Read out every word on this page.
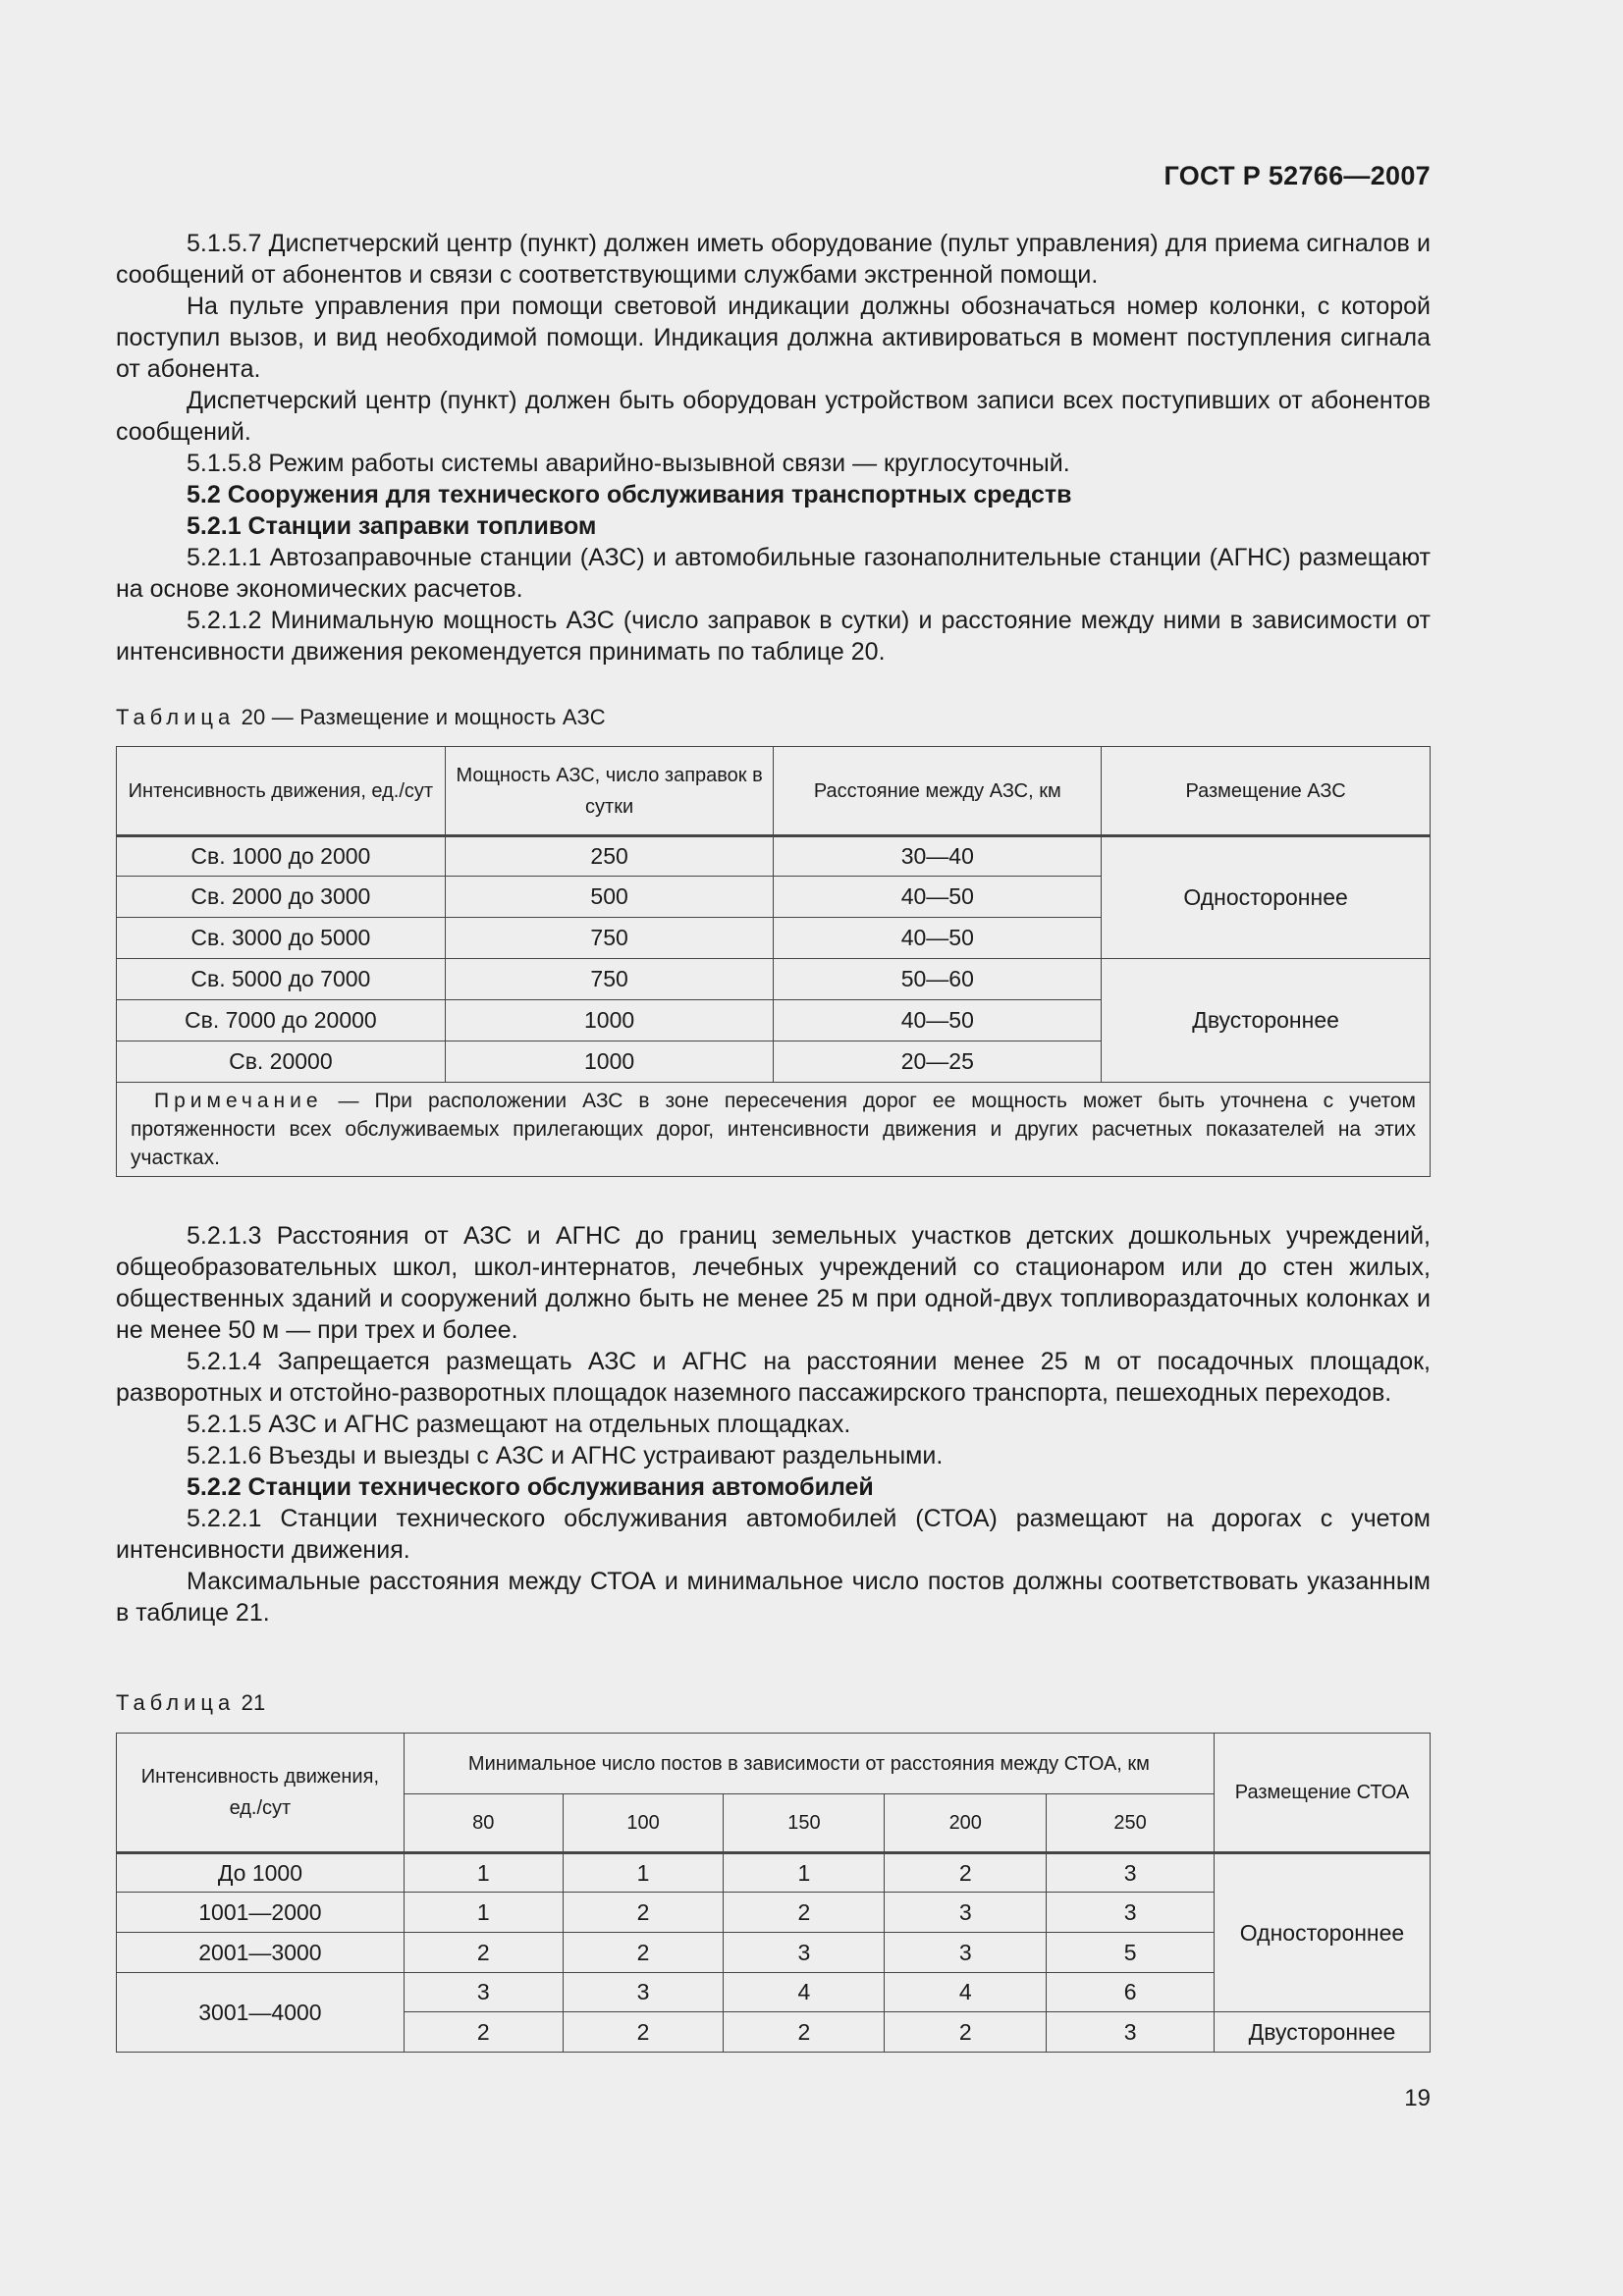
ГОСТ Р 52766—2007

5.1.5.7 Диспетчерский центр (пункт) должен иметь оборудование (пульт управления) для приема сигналов и сообщений от абонентов и связи с соответствующими службами экстренной помощи.

На пульте управления при помощи световой индикации должны обозначаться номер колонки, с которой поступил вызов, и вид необходимой помощи. Индикация должна активироваться в момент поступления сигнала от абонента.

Диспетчерский центр (пункт) должен быть оборудован устройством записи всех поступивших от абонентов сообщений.

5.1.5.8 Режим работы системы аварийно-вызывной связи — круглосуточный.

5.2 Сооружения для технического обслуживания транспортных средств

5.2.1 Станции заправки топливом

5.2.1.1 Автозаправочные станции (АЗС) и автомобильные газонаполнительные станции (АГНС) размещают на основе экономических расчетов.

5.2.1.2 Минимальную мощность АЗС (число заправок в сутки) и расстояние между ними в зависимости от интенсивности движения рекомендуется принимать по таблице 20.

Таблица 20 — Размещение и мощность АЗС
Интенсивность движения, ед./сут	Мощность АЗС, число заправок в сутки	Расстояние между АЗС, км	Размещение АЗС
Св. 1000 до 2000	250	30—40	Одностороннее
Св. 2000 до 3000	500	40—50	
Св. 3000 до 5000	750	40—50	
Св. 5000 до 7000	750	50—60	Двустороннее
Св. 7000 до 20000	1000	40—50	
Св. 20000	1000	20—25	
Примечание — При расположении АЗС в зоне пересечения дорог ее мощность может быть уточнена с учетом протяженности всех обслуживаемых прилегающих дорог, интенсивности движения и других расчетных показателей на этих участках.			

5.2.1.3 Расстояния от АЗС и АГНС до границ земельных участков детских дошкольных учреждений, общеобразовательных школ, школ-интернатов, лечебных учреждений со стационаром или до стен жилых, общественных зданий и сооружений должно быть не менее 25 м при одной-двух топливораздаточных колонках и не менее 50 м — при трех и более.

5.2.1.4 Запрещается размещать АЗС и АГНС на расстоянии менее 25 м от посадочных площадок, разворотных и отстойно-разворотных площадок наземного пассажирского транспорта, пешеходных переходов.

5.2.1.5 АЗС и АГНС размещают на отдельных площадках.

5.2.1.6 Въезды и выезды с АЗС и АГНС устраивают раздельными.

5.2.2 Станции технического обслуживания автомобилей

5.2.2.1 Станции технического обслуживания автомобилей (СТОА) размещают на дорогах с учетом интенсивности движения.

Максимальные расстояния между СТОА и минимальное число постов должны соответствовать указанным в таблице 21.

Таблица 21
Интенсивность движения, ед./сут	Минимальное число постов в зависимости от расстояния между СТОА, км					Размещение СТОА
	80	100	150	200	250	
До 1000	1	1	1	2	3	Одностороннее
1001—2000	1	2	2	3	3	
2001—3000	2	2	3	3	5	
3001—4000	3	3	4	4	6	
	2	2	2	2	3	Двустороннее
19
